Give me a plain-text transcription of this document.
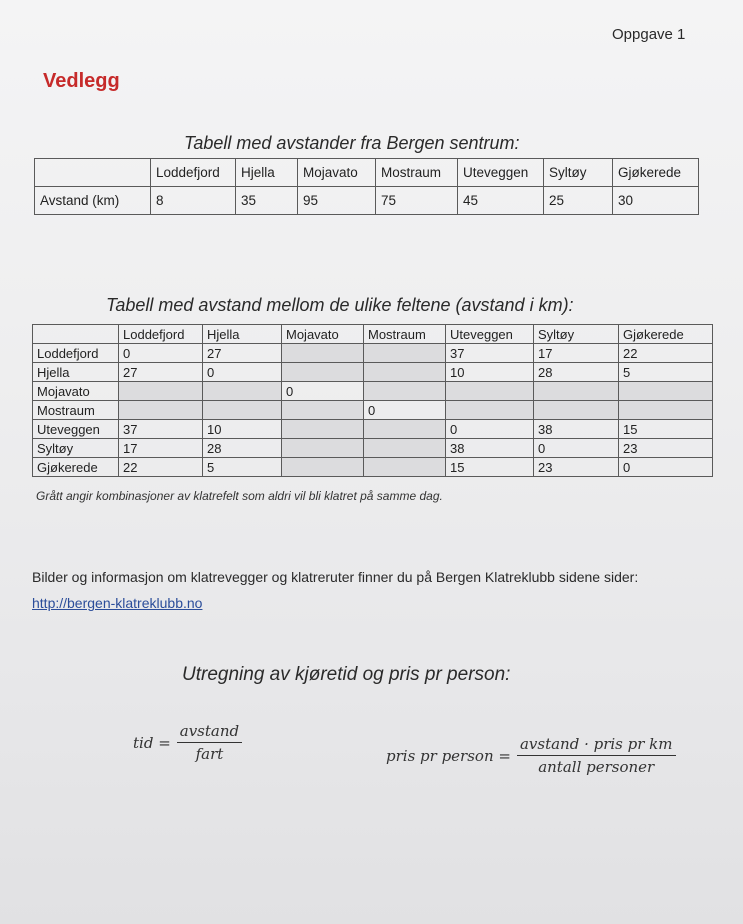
Oppgave 1
Vedlegg
Tabell med avstander fra Bergen sentrum:
	Loddefjord	Hjella	Mojavato	Mostraum	Uteveggen	Syltøy	Gjøkerede
Avstand (km)	8	35	95	75	45	25	30
Tabell med avstand mellom de ulike feltene (avstand i km):
	Loddefjord	Hjella	Mojavato	Mostraum	Uteveggen	Syltøy	Gjøkerede
Loddefjord	0	27			37	17	22
Hjella	27	0			10	28	5
Mojavato			0				
Mostraum				0			
Uteveggen	37	10			0	38	15
Syltøy	17	28			38	0	23
Gjøkerede	22	5			15	23	0
Grått angir kombinasjoner av klatrefelt som aldri vil bli klatret på samme dag.
Bilder og informasjon om klatrevegger og klatreruter finner du på Bergen Klatreklubb sidene sider:
http://bergen-klatreklubb.no
Utregning av kjøretid og pris pr person:
tid = $\frac{\text{avstand}}{\text{fart}}$	pris pr person = $\frac{\text{avstand · pris pr km}}{\text{antall personer}}$
